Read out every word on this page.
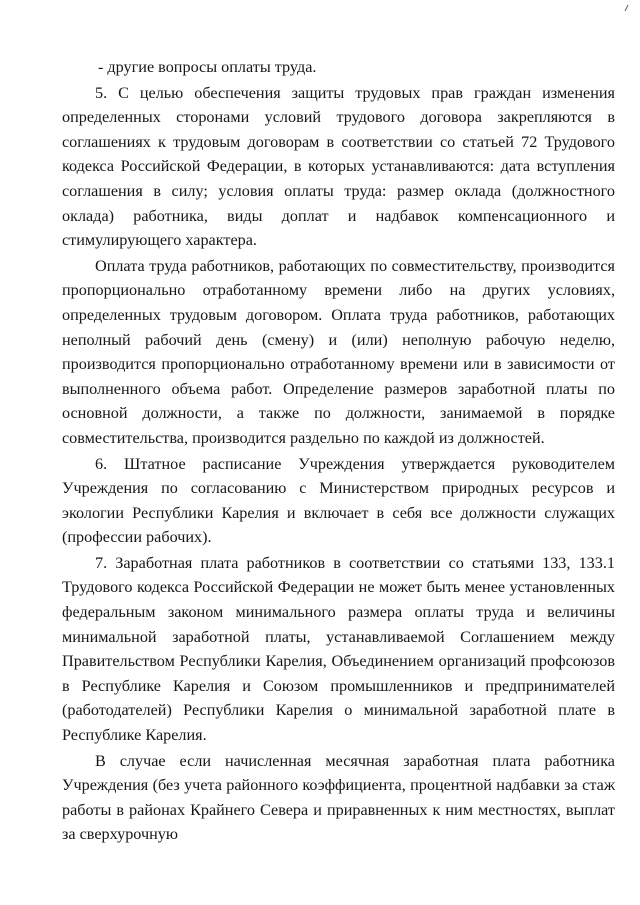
- другие вопросы оплаты труда.

5. С целью обеспечения защиты трудовых прав граждан изменения определенных сторонами условий трудового договора закрепляются в соглашениях к трудовым договорам в соответствии со статьей 72 Трудового кодекса Российской Федерации, в которых устанавливаются: дата вступления соглашения в силу; условия оплаты труда: размер оклада (должностного оклада) работника, виды доплат и надбавок компенсационного и стимулирующего характера.

Оплата труда работников, работающих по совместительству, производится пропорционально отработанному времени либо на других условиях, определенных трудовым договором. Оплата труда работников, работающих неполный рабочий день (смену) и (или) неполную рабочую неделю, производится пропорционально отработанному времени или в зависимости от выполненного объема работ. Определение размеров заработной платы по основной должности, а также по должности, занимаемой в порядке совместительства, производится раздельно по каждой из должностей.

6. Штатное расписание Учреждения утверждается руководителем Учреждения по согласованию с Министерством природных ресурсов и экологии Республики Карелия и включает в себя все должности служащих (профессии рабочих).

7. Заработная плата работников в соответствии со статьями 133, 133.1 Трудового кодекса Российской Федерации не может быть менее установленных федеральным законом минимального размера оплаты труда и величины минимальной заработной платы, устанавливаемой Соглашением между Правительством Республики Карелия, Объединением организаций профсоюзов в Республике Карелия и Союзом промышленников и предпринимателей (работодателей) Республики Карелия о минимальной заработной плате в Республике Карелия.

В случае если начисленная месячная заработная плата работника Учреждения (без учета районного коэффициента, процентной надбавки за стаж работы в районах Крайнего Севера и приравненных к ним местностях, выплат за сверхурочную
